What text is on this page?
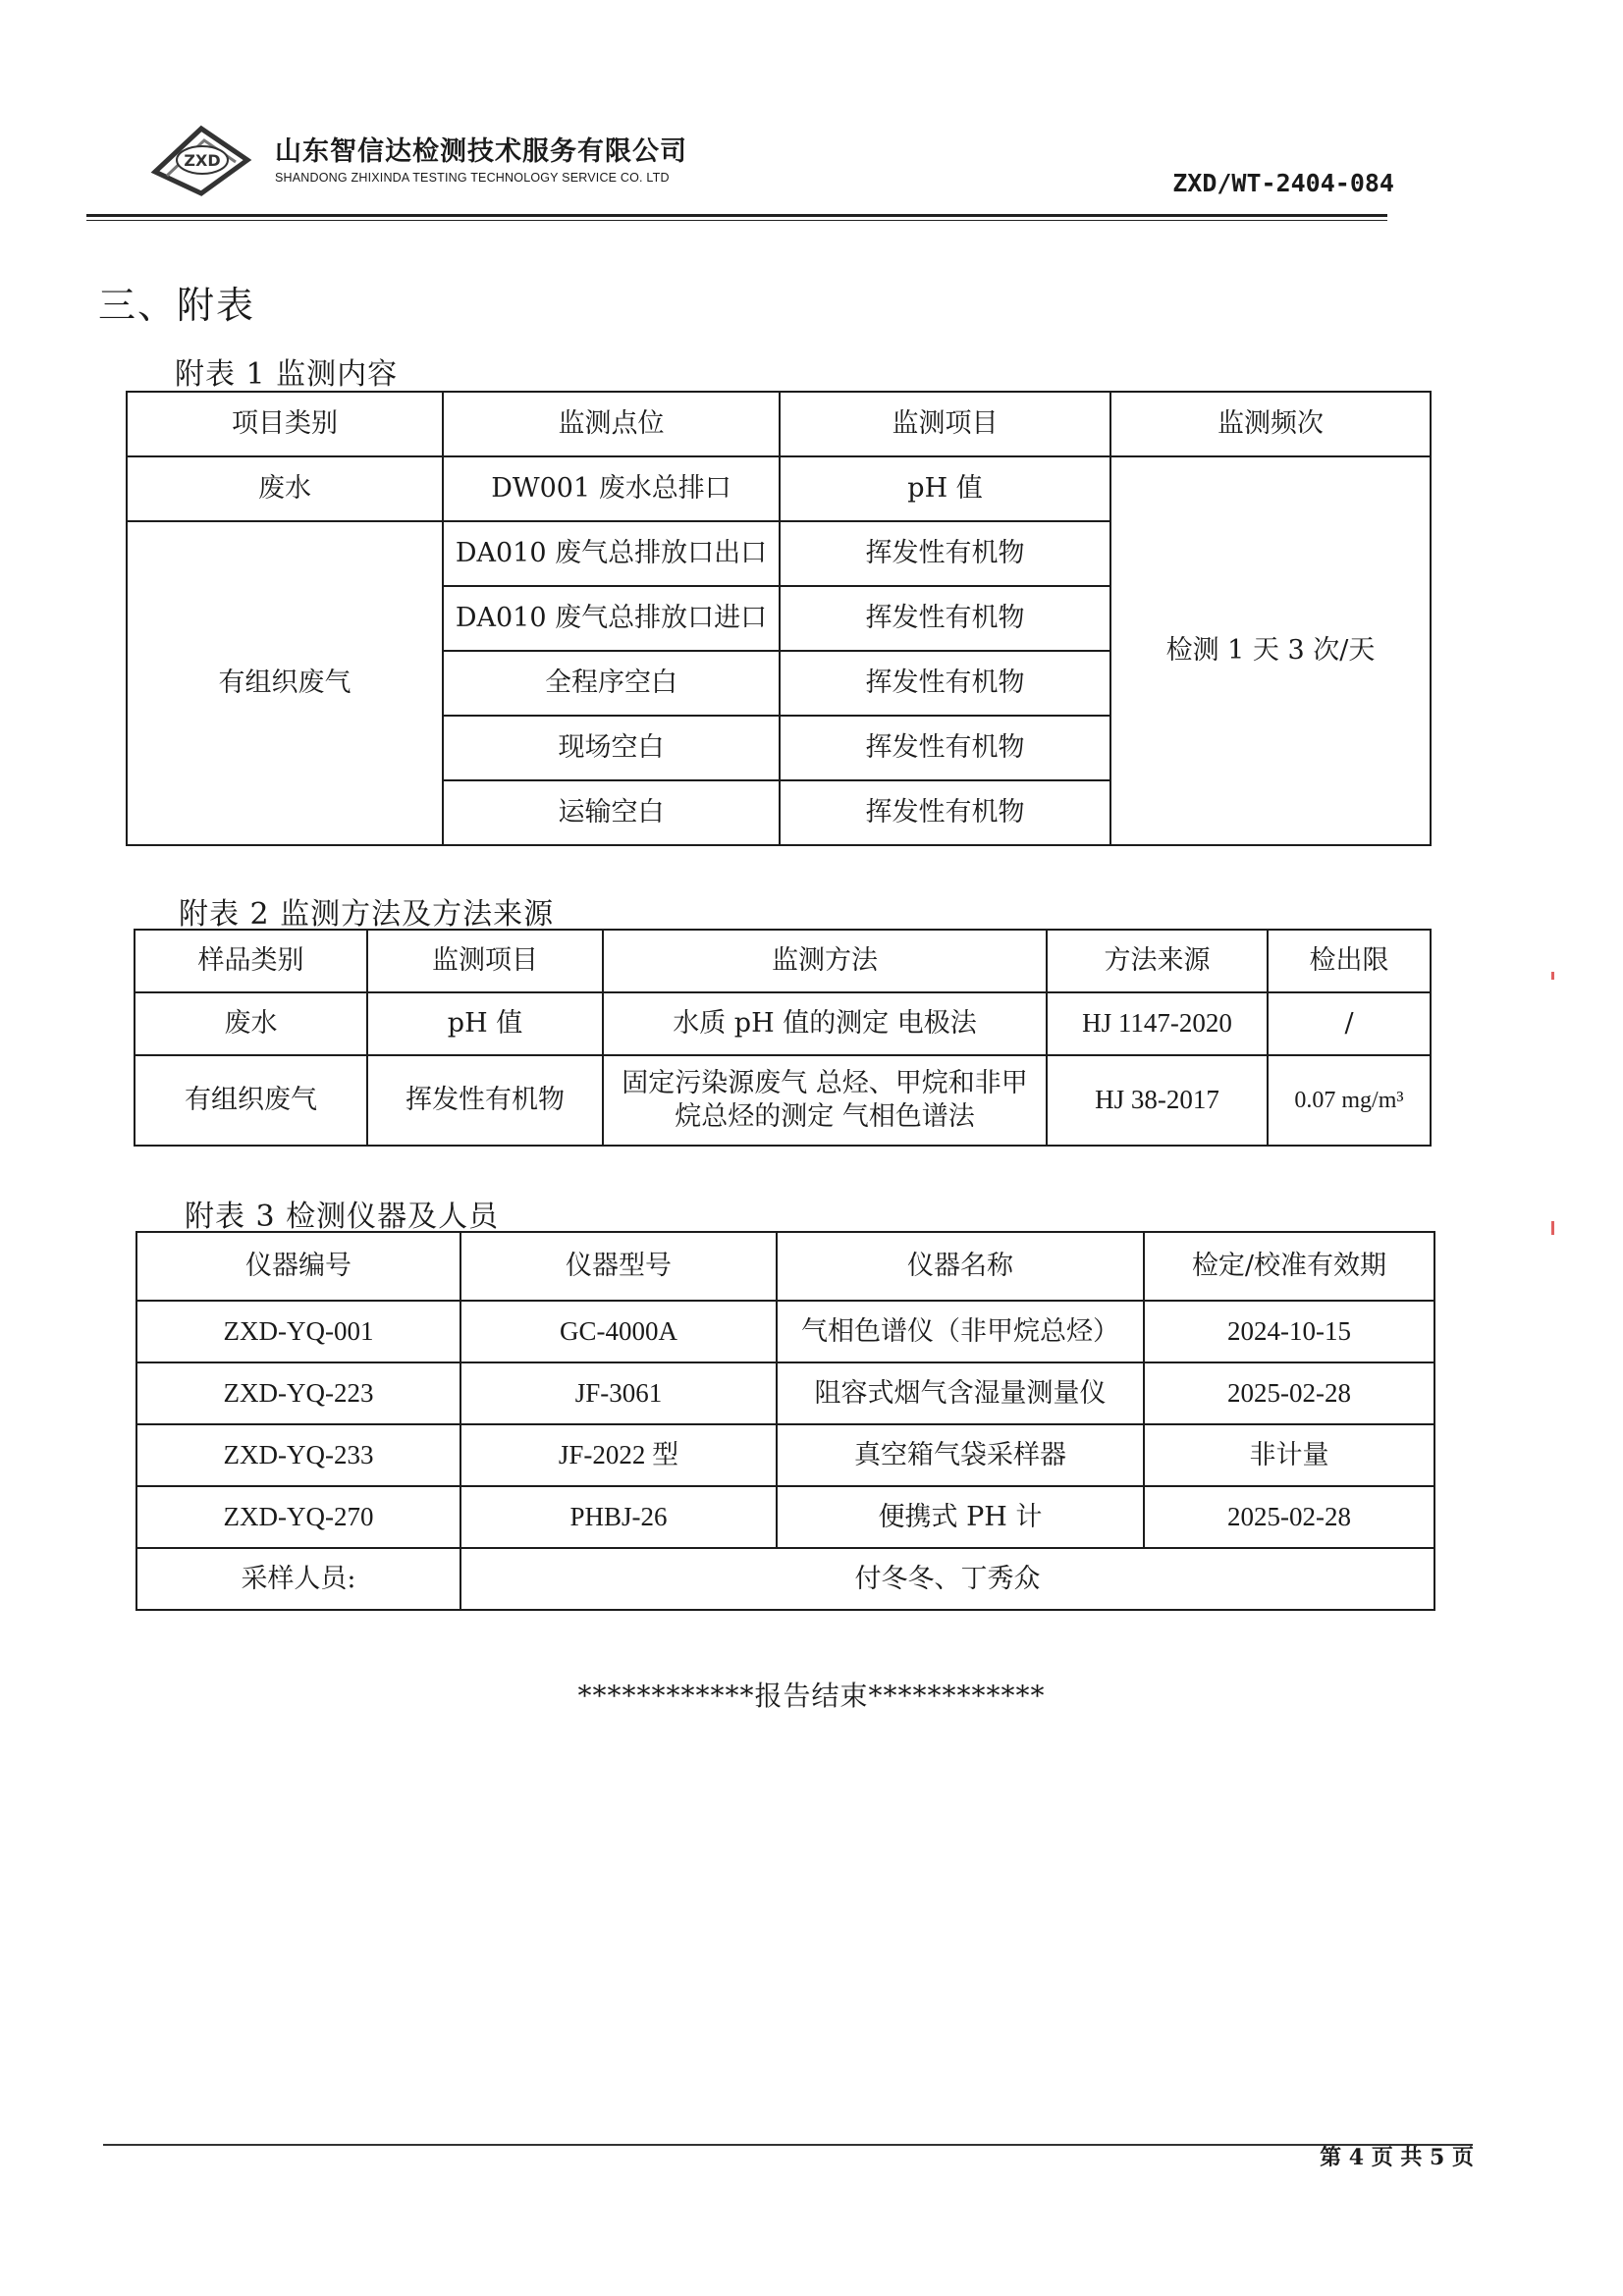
ZXD 山东智信达检测技术服务有限公司
SHANDONG ZHIXINDA TESTING TECHNOLOGY SERVICE CO. LTD	ZXD/WT-2404-084
三、附表
附表 1 监测内容
项目类别	监测点位	监测项目	监测频次
废水	DW001 废水总排口	pH 值	检测 1 天 3 次/天
有组织废气	DA010 废气总排放口出口	挥发性有机物	
	DA010 废气总排放口进口	挥发性有机物	
	全程序空白	挥发性有机物	
	现场空白	挥发性有机物	
	运输空白	挥发性有机物	
附表 2 监测方法及方法来源
样品类别	监测项目	监测方法	方法来源	检出限
废水	pH 值	水质 pH 值的测定 电极法	HJ 1147-2020	/
有组织废气	挥发性有机物	固定污染源废气 总烃、甲烷和非甲
烷总烃的测定 气相色谱法	HJ 38-2017	0.07 mg/m³
附表 3 检测仪器及人员
仪器编号	仪器型号	仪器名称	检定/校准有效期
ZXD-YQ-001	GC-4000A	气相色谱仪（非甲烷总烃）	2024-10-15
ZXD-YQ-223	JF-3061	阻容式烟气含湿量测量仪	2025-02-28
ZXD-YQ-233	JF-2022 型	真空箱气袋采样器	非计量
ZXD-YQ-270	PHBJ-26	便携式 PH 计	2025-02-28
采样人员:	付冬冬、丁秀众		
************报告结束************
第 4 页 共 5 页
